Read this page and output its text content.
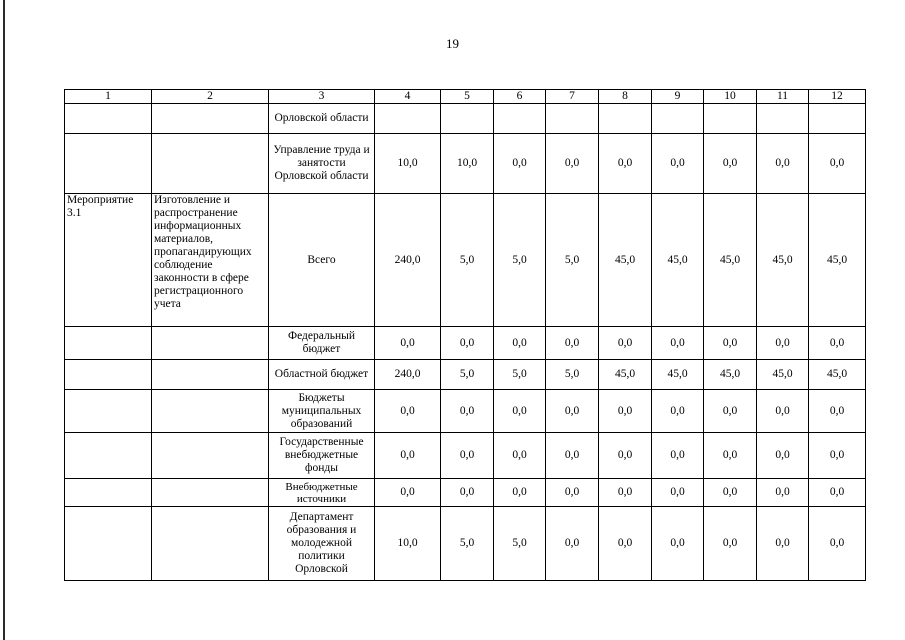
19
1	2	3	4	5	6	7	8	9	10	11	12
		Орловской области									
		Управление труда и занятости Орловской области	10,0	10,0	0,0	0,0	0,0	0,0	0,0	0,0	0,0
Мероприятие 3.1	Изготовление и распространение информационных материалов, пропагандирующих соблюдение законности в сфере регистрационного учета	Всего	240,0	5,0	5,0	5,0	45,0	45,0	45,0	45,0	45,0
		Федеральный бюджет	0,0	0,0	0,0	0,0	0,0	0,0	0,0	0,0	0,0
		Областной бюджет	240,0	5,0	5,0	5,0	45,0	45,0	45,0	45,0	45,0
		Бюджеты муниципальных образований	0,0	0,0	0,0	0,0	0,0	0,0	0,0	0,0	0,0
		Государственные внебюджетные фонды	0,0	0,0	0,0	0,0	0,0	0,0	0,0	0,0	0,0
		Внебюджетные источники	0,0	0,0	0,0	0,0	0,0	0,0	0,0	0,0	0,0
		Департамент образования и молодежной политики Орловской	10,0	5,0	5,0	0,0	0,0	0,0	0,0	0,0	0,0
